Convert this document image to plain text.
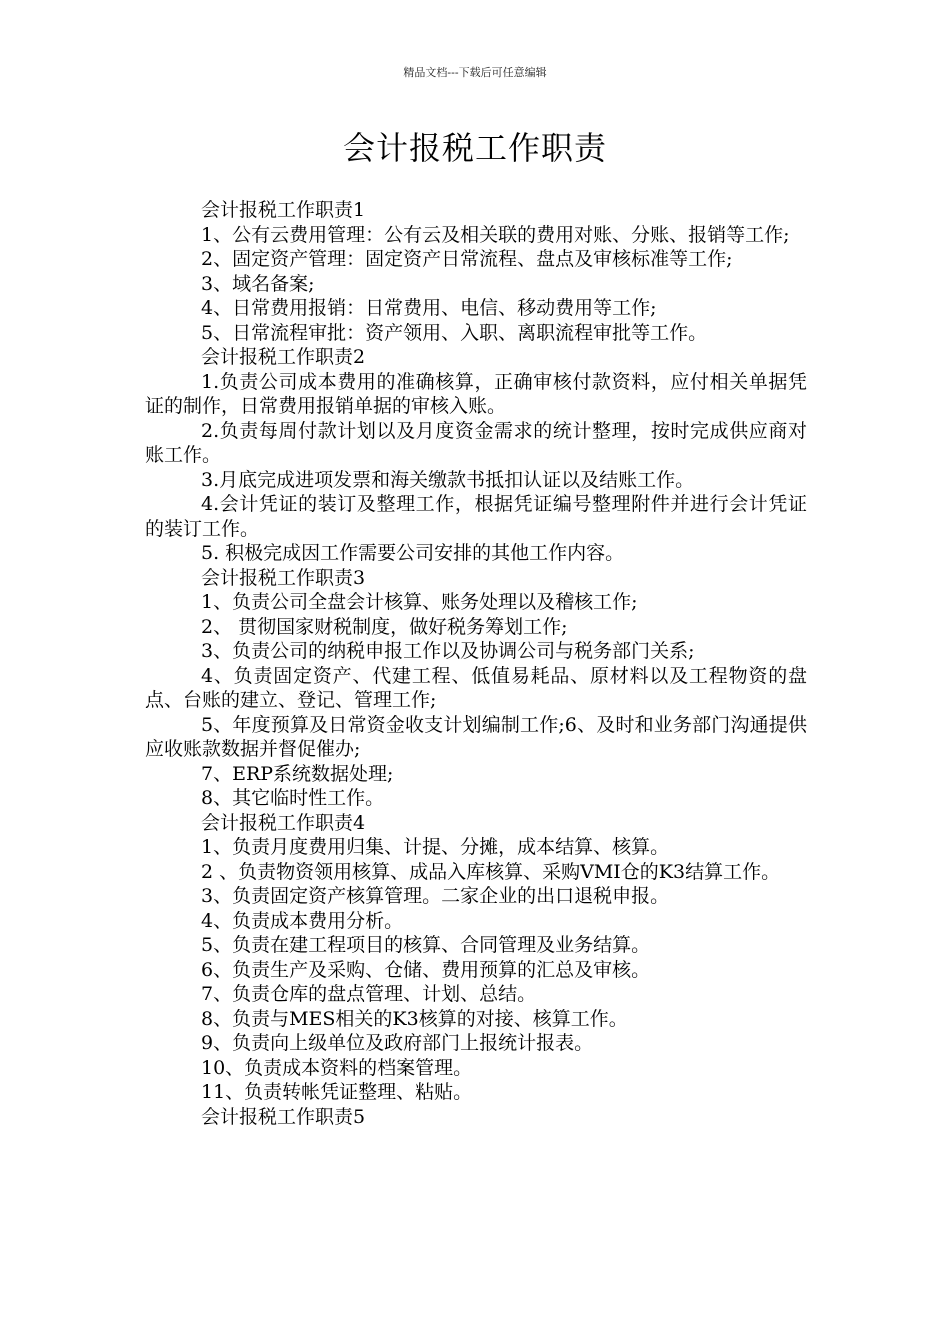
精品文档---下载后可任意编辑
会计报税工作职责

会计报税工作职责1

1、公有云费用管理：公有云及相关联的费用对账、分账、报销等工作;

2、固定资产管理：固定资产日常流程、盘点及审核标准等工作;

3、域名备案;

4、日常费用报销：日常费用、电信、移动费用等工作;

5、日常流程审批：资产领用、入职、离职流程审批等工作。

会计报税工作职责2

1.负责公司成本费用的准确核算，正确审核付款资料，应付相关单据凭证的制作，日常费用报销单据的审核入账。

2.负责每周付款计划以及月度资金需求的统计整理，按时完成供应商对账工作。

3.月底完成进项发票和海关缴款书抵扣认证以及结账工作。

4.会计凭证的装订及整理工作，根据凭证编号整理附件并进行会计凭证的装订工作。

5. 积极完成因工作需要公司安排的其他工作内容。

会计报税工作职责3

1、负责公司全盘会计核算、账务处理以及稽核工作;

2、 贯彻国家财税制度，做好税务筹划工作;

3、负责公司的纳税申报工作以及协调公司与税务部门关系;

4、负责固定资产、代建工程、低值易耗品、原材料以及工程物资的盘点、台账的建立、登记、管理工作;

5、年度预算及日常资金收支计划编制工作;6、及时和业务部门沟通提供应收账款数据并督促催办;

7、ERP系统数据处理;

8、其它临时性工作。

会计报税工作职责4

1、负责月度费用归集、计提、分摊，成本结算、核算。

2 、负责物资领用核算、成品入库核算、采购VMI仓的K3结算工作。

3、负责固定资产核算管理。二家企业的出口退税申报。

4、负责成本费用分析。

5、负责在建工程项目的核算、合同管理及业务结算。

6、负责生产及采购、仓储、费用预算的汇总及审核。

7、负责仓库的盘点管理、计划、总结。

8、负责与MES相关的K3核算的对接、核算工作。

9、负责向上级单位及政府部门上报统计报表。

10、负责成本资料的档案管理。

11、负责转帐凭证整理、粘贴。

会计报税工作职责5
